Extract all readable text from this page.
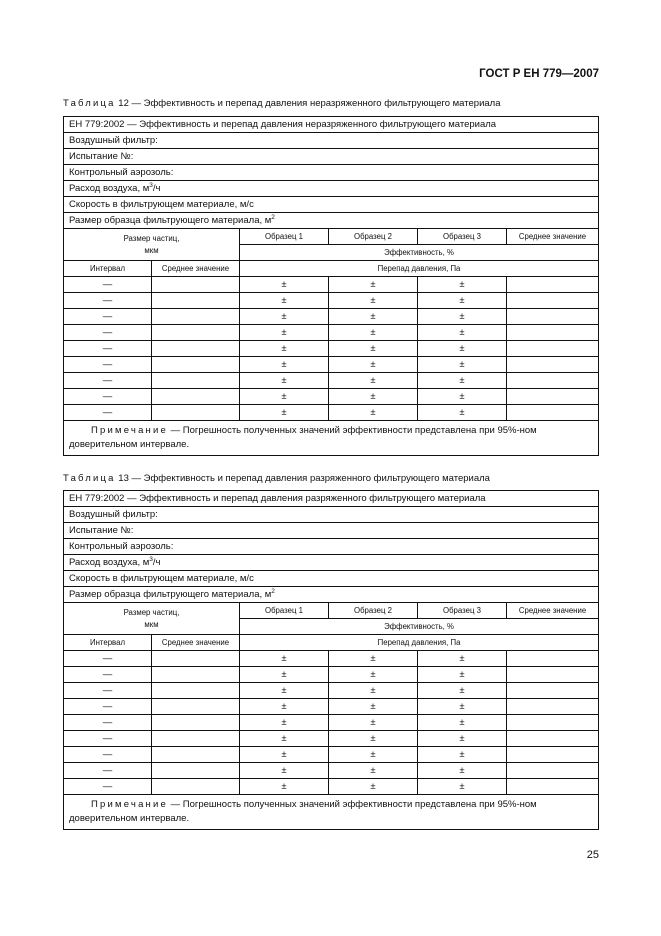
ГОСТ Р ЕН 779—2007
Таблица 12 — Эффективность и перепад давления неразряженного фильтрующего материала
ЕН 779:2002 — Эффективность и перепад давления неразряженного фильтрующего материала					
Воздушный фильтр:					
Испытание №:					
Контрольный аэрозоль:					
Расход воздуха, $м^3/ч$					
Скорость в фильтрующем материале, м/с					
Размер образца фильтрующего материала, $м^2$

Размер частиц,
мкм		Образец 1	Образец 2	Образец 3	Среднее значение
		Эффективность, %			
Интервал	Среднее значение	Перепад давления, Па			
—		±	±	±	
—		±	±	±	
—		±	±	±	
—		±	±	±	
—		±	±	±	
—		±	±	±	
—		±	±	±	
—		±	±	±	
—		±	±	±	
Примечание — Погрешность полученных значений эффективности представлена при 95%-ном доверительном интервале.					
Таблица 13 — Эффективность и перепад давления разряженного фильтрующего материала
ЕН 779:2002 — Эффективность и перепад давления разряженного фильтрующего материала					
Воздушный фильтр:					
Испытание №:					
Контрольный аэрозоль:					
Расход воздуха, $м^3/ч$					
Скорость в фильтрующем материале, м/с					
Размер образца фильтрующего материала, $м^2$

Размер частиц,
мкм		Образец 1	Образец 2	Образец 3	Среднее значение
		Эффективность, %			
Интервал	Среднее значение	Перепад давления, Па			
—		±	±	±	
—		±	±	±	
—		±	±	±	
—		±	±	±	
—		±	±	±	
—		±	±	±	
—		±	±	±	
—		±	±	±	
—		±	±	±	
Примечание — Погрешность полученных значений эффективности представлена при 95%-ном доверительном интервале.					
25
